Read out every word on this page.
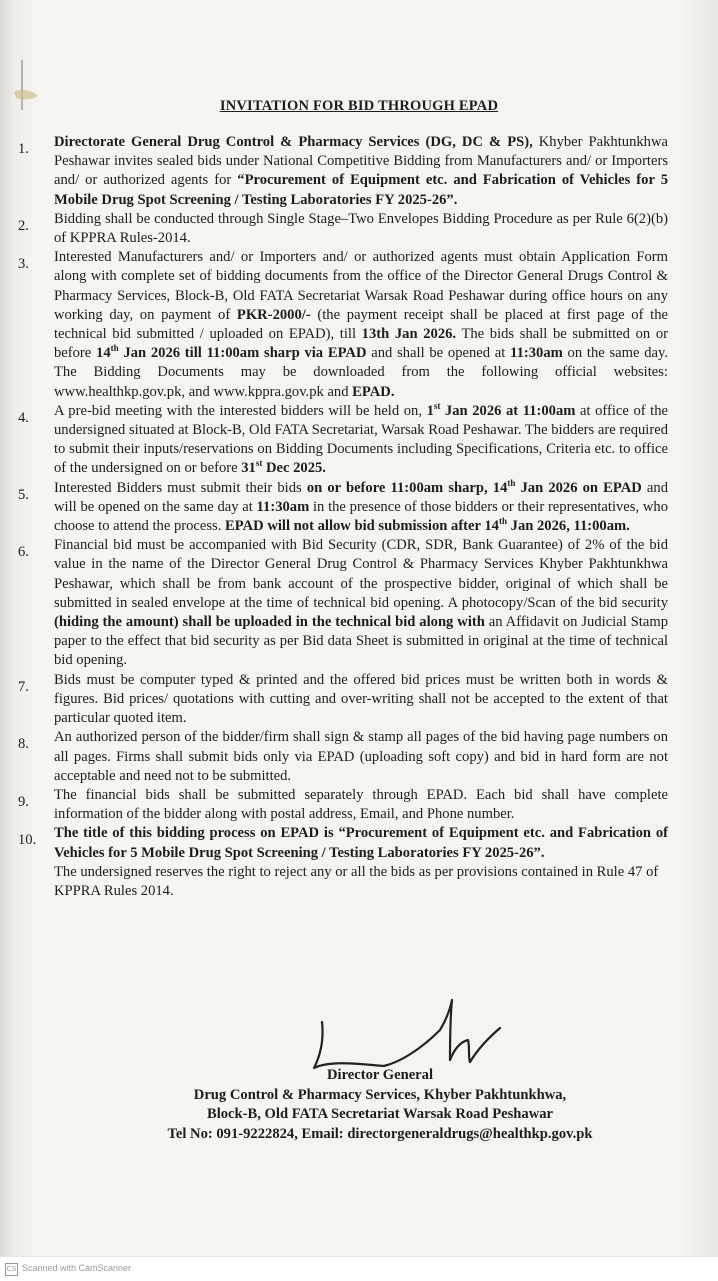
INVITATION FOR BID THROUGH EPAD
1.	Directorate General Drug Control & Pharmacy Services (DG, DC & PS), Khyber Pakhtunkhwa Peshawar invites sealed bids under National Competitive Bidding from Manufacturers and/ or Importers and/ or authorized agents for “Procurement of Equipment etc. and Fabrication of Vehicles for 5 Mobile Drug Spot Screening / Testing Laboratories FY 2025-26”.

2.	Bidding shall be conducted through Single Stage–Two Envelopes Bidding Procedure as per Rule 6(2)(b) of KPPRA Rules-2014.

3.	Interested Manufacturers and/ or Importers and/ or authorized agents must obtain Application Form along with complete set of bidding documents from the office of the Director General Drugs Control & Pharmacy Services, Block-B, Old FATA Secretariat Warsak Road Peshawar during office hours on any working day, on payment of PKR-2000/- (the payment receipt shall be placed at first page of the technical bid submitted / uploaded on EPAD), till 13th Jan 2026. The bids shall be submitted on or before 14th Jan 2026 till 11:00am sharp via EPAD and shall be opened at 11:30am on the same day. The Bidding Documents may be downloaded from the following official websites: www.healthkp.gov.pk, and www.kppra.gov.pk and EPAD.

4.	A pre-bid meeting with the interested bidders will be held on, 1st Jan 2026 at 11:00am at office of the undersigned situated at Block-B, Old FATA Secretariat, Warsak Road Peshawar. The bidders are required to submit their inputs/reservations on Bidding Documents including Specifications, Criteria etc. to office of the undersigned on or before 31st Dec 2025.

5.	Interested Bidders must submit their bids on or before 11:00am sharp, 14th Jan 2026 on EPAD and will be opened on the same day at 11:30am in the presence of those bidders or their representatives, who choose to attend the process. EPAD will not allow bid submission after 14th Jan 2026, 11:00am.

6.	Financial bid must be accompanied with Bid Security (CDR, SDR, Bank Guarantee) of 2% of the bid value in the name of the Director General Drug Control & Pharmacy Services Khyber Pakhtunkhwa Peshawar, which shall be from bank account of the prospective bidder, original of which shall be submitted in sealed envelope at the time of technical bid opening. A photocopy/Scan of the bid security (hiding the amount) shall be uploaded in the technical bid along with an Affidavit on Judicial Stamp paper to the effect that bid security as per Bid data Sheet is submitted in original at the time of technical bid opening.

7.	Bids must be computer typed & printed and the offered bid prices must be written both in words & figures. Bid prices/ quotations with cutting and over-writing shall not be accepted to the extent of that particular quoted item.

8.	An authorized person of the bidder/firm shall sign & stamp all pages of the bid having page numbers on all pages. Firms shall submit bids only via EPAD (uploading soft copy) and bid in hard form are not acceptable and need not to be submitted.

9.	The financial bids shall be submitted separately through EPAD. Each bid shall have complete information of the bidder along with postal address, Email, and Phone number.

10.	The title of this bidding process on EPAD is “Procurement of Equipment etc. and Fabrication of Vehicles for 5 Mobile Drug Spot Screening / Testing Laboratories FY 2025-26”.

The undersigned reserves the right to reject any or all the bids as per provisions contained in Rule 47 of KPPRA Rules 2014.

Director General
Drug Control & Pharmacy Services, Khyber Pakhtunkhwa,
Block-B, Old FATA Secretariat Warsak Road Peshawar
Tel No: 091-9222824, Email: directorgeneraldrugs@healthkp.gov.pk
CS Scanned with CamScanner
